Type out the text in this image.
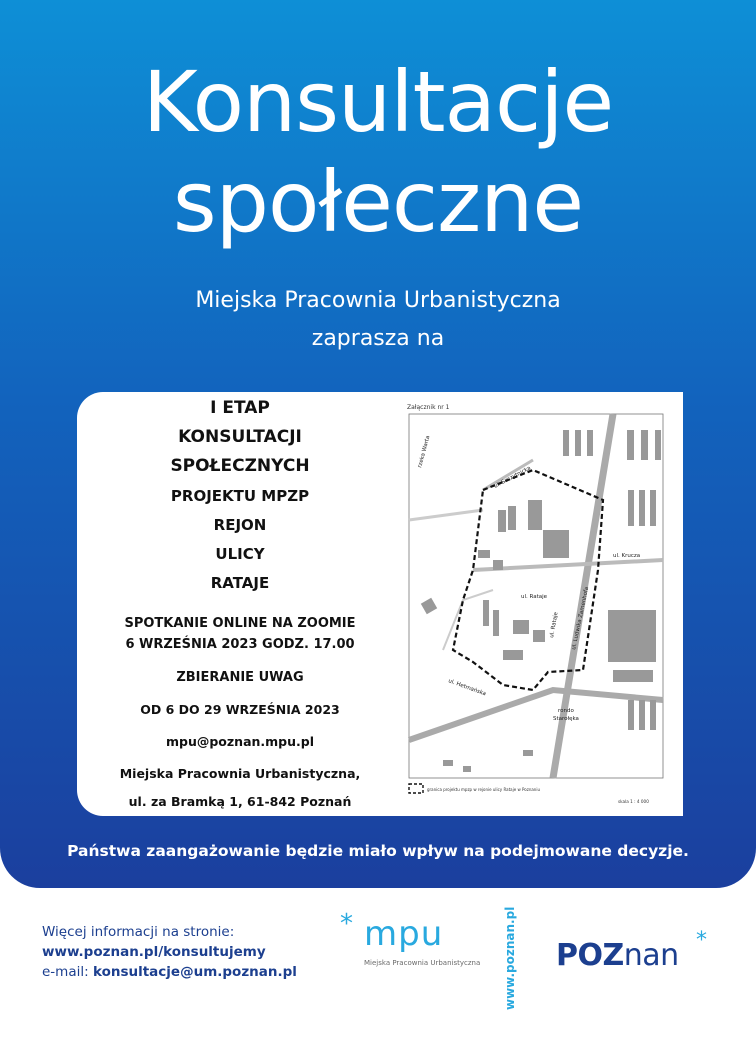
Konsultacje
społeczne
Miejska Pracownia Urbanistyczna
zaprasza na
I ETAP
KONSULTACJI
SPOŁECZNYCH
PROJEKTU MPZP
REJON
ULICY
RATAJE
SPOTKANIE ONLINE NA ZOOMIE
6 WRZEŚNIA 2023 GODZ. 17.00
ZBIERANIE UWAG
OD 6 DO 29 WRZEŚNIA 2023
mpu@poznan.mpu.pl
Miejska Pracownia Urbanistyczna,
ul. za Bramką 1, 61-842 Poznań
Załącznik nr 1
rzeka Warta
ul. Szczytnicka
ul. Ludwika Zamenhofa
ul. Krucza
ul. Rataje
ul. Rataje
ul. Hetmańska
rondo
Starołęka
granica projektu mpzp w rejonie ulicy Rataje w Poznaniu
skala 1 : 4 000
Państwa zaangażowanie będzie miało wpływ na podejmowane decyzje.
Więcej informacji na stronie:
www.poznan.pl/konsultujemy
e-mail: konsultacje@um.poznan.pl
* mpu
Miejska Pracownia Urbanistyczna www.poznan.pl POZnan *
